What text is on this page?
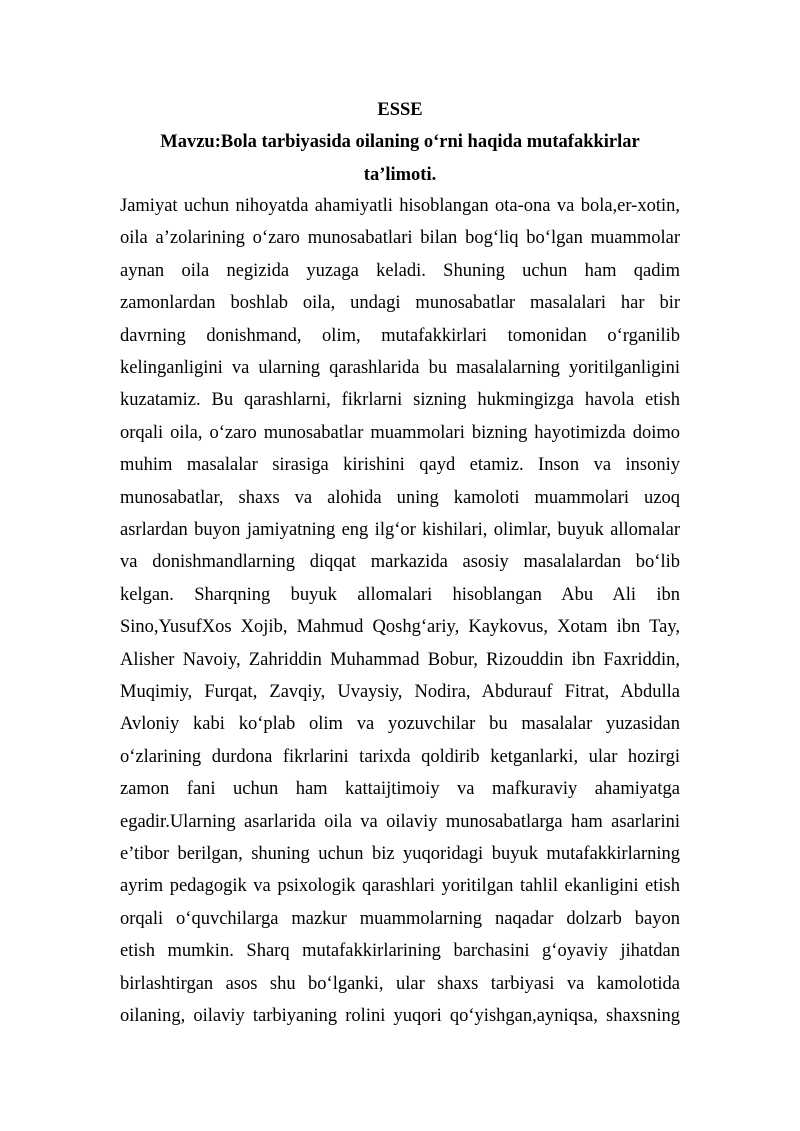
ESSE
Mavzu:Bola tarbiyasida oilaning o‘rni haqida mutafakkirlar
ta’limoti.
Jamiyat uchun nihoyatda ahamiyatli hisoblangan ota-ona va bola,er-xotin,
oila a’zolarining o‘zaro munosabatlari bilan bog‘liq bo‘lgan muammolar
aynan oila negizida yuzaga keladi. Shuning uchun ham qadim
zamonlardan boshlab oila, undagi munosabatlar masalalari har bir
davrning donishmand, olim, mutafakkirlari tomonidan o‘rganilib
kelinganligini va ularning qarashlarida bu masalalarning yoritilganligini
kuzatamiz. Bu qarashlarni, fikrlarni sizning hukmingizga havola etish
orqali oila, o‘zaro munosabatlar muammolari bizning hayotimizda doimo
muhim masalalar sirasiga kirishini qayd etamiz. Inson va insoniy
munosabatlar, shaxs va alohida uning kamoloti muammolari uzoq
asrlardan buyon jamiyatning eng ilg‘or kishilari, olimlar, buyuk allomalar
va donishmandlarning diqqat markazida asosiy masalalardan bo‘lib
kelgan. Sharqning buyuk allomalari hisoblangan Abu Ali ibn
Sino,YusufXos Xojib, Mahmud Qoshg‘ariy, Kaykovus, Xotam ibn Tay,
Alisher Navoiy, Zahriddin Muhammad Bobur, Rizouddin ibn Faxriddin,
Muqimiy, Furqat, Zavqiy, Uvaysiy, Nodira, Abdurauf Fitrat, Abdulla
Avloniy kabi ko‘plab olim va yozuvchilar bu masalalar yuzasidan
o‘zlarining durdona fikrlarini tarixda qoldirib ketganlarki, ular hozirgi
zamon fani uchun ham kattaijtimoiy va mafkuraviy ahamiyatga
egadir.Ularning asarlarida oila va oilaviy munosabatlarga ham asarlarini
e’tibor berilgan, shuning uchun biz yuqoridagi buyuk mutafakkirlarning
ayrim pedagogik va psixologik qarashlari yoritilgan tahlil ekanligini etish
orqali o‘quvchilarga mazkur muammolarning naqadar dolzarb bayon
etish mumkin. Sharq mutafakkirlarining barchasini g‘oyaviy jihatdan
birlashtirgan asos shu bo‘lganki, ular shaxs tarbiyasi va kamolotida
oilaning, oilaviy tarbiyaning rolini yuqori qo‘yishgan,ayniqsa, shaxsning
